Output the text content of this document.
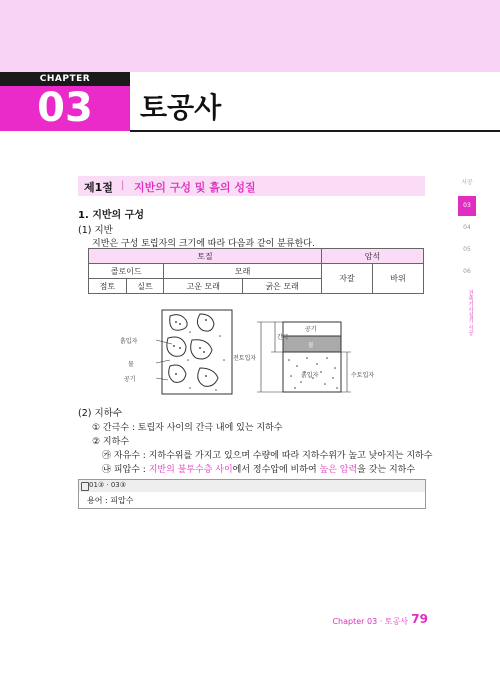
CHAPTER
03	토공사
제1절 | 지반의 구성 및 흙의 성질
1. 지반의 구성
(1) 지반
지반은 구성 토립자의 크기에 따라 다음과 같이 분류한다.
토질				암석	
콜로이드		모래		자갈	바위
점토	실트	고운 모래	굵은 모래		
흙입자
물
공기
공기
물
흙입자
간극
전토입자
수토입자
(2) 지하수
① 간극수 : 토립자 사이의 간극 내에 있는 지하수
② 지하수
㉮ 자유수 : 지하수위를 가지고 있으며 수량에 따라 지하수위가 높고 낮아지는 지하수
㉯ 피압수 : 지반의 불투수층 사이에서 정수압에 비하여 높은 압력을 갖는 지하수
01③ · 03③
용어 : 피압수
시공
03
04
05
06
건축기사실기 시공
Chapter 03 · 토공사 79
